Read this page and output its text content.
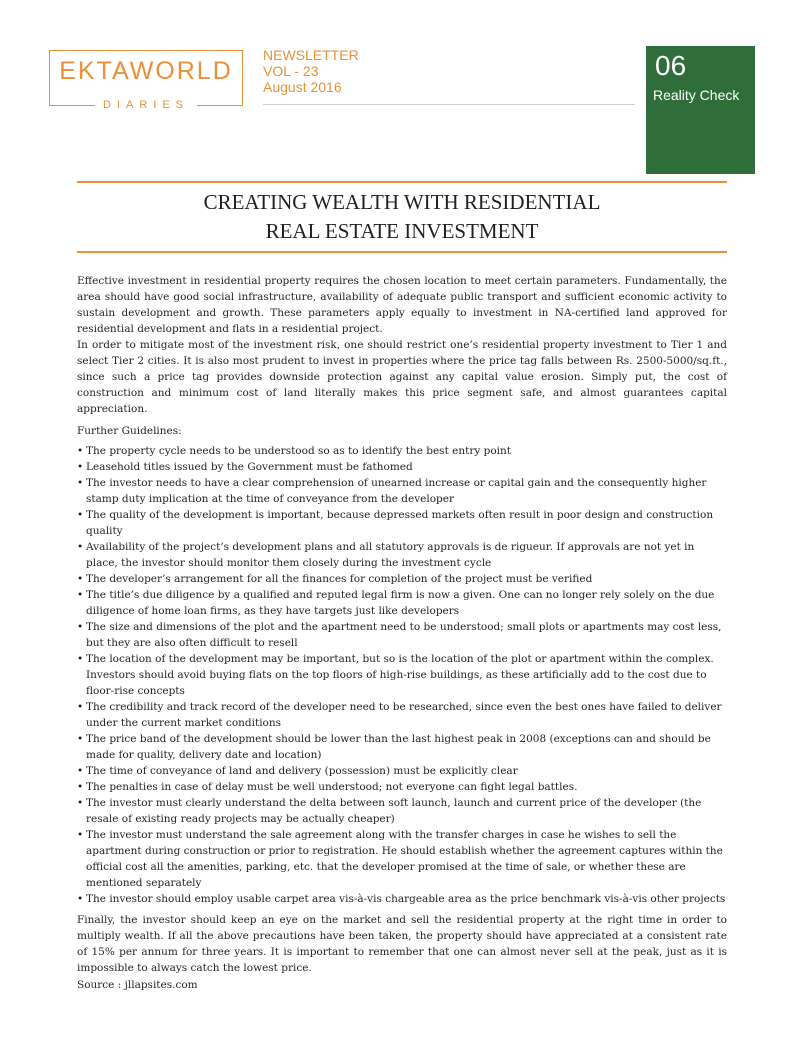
EKTAWORLD
DIARIES
NEWSLETTER
VOL - 23
August 2016
06
Reality Check
CREATING WEALTH WITH RESIDENTIAL
REAL ESTATE INVESTMENT

Effective investment in residential property requires the chosen location to meet certain parameters. Fundamentally, the area should have good social infrastructure, availability of adequate public transport and sufficient economic activity to sustain development and growth. These parameters apply equally to investment in NA-certified land approved for residential development and flats in a residential project.

In order to mitigate most of the investment risk, one should restrict one’s residential property investment to Tier 1 and select Tier 2 cities. It is also most prudent to invest in properties where the price tag falls between Rs. 2500-5000/sq.ft., since such a price tag provides downside protection against any capital value erosion. Simply put, the cost of construction and minimum cost of land literally makes this price segment safe, and almost guarantees capital appreciation.

Further Guidelines:
• The property cycle needs to be understood so as to identify the best entry point
• Leasehold titles issued by the Government must be fathomed
• The investor needs to have a clear comprehension of unearned increase or capital gain and the consequently higher stamp duty implication at the time of conveyance from the developer
• The quality of the development is important, because depressed markets often result in poor design and construction quality
• Availability of the project’s development plans and all statutory approvals is de rigueur. If approvals are not yet in place, the investor should monitor them closely during the investment cycle
• The developer’s arrangement for all the finances for completion of the project must be verified
• The title’s due diligence by a qualified and reputed legal firm is now a given. One can no longer rely solely on the due diligence of home loan firms, as they have targets just like developers
• The size and dimensions of the plot and the apartment need to be understood; small plots or apartments may cost less, but they are also often difficult to resell
• The location of the development may be important, but so is the location of the plot or apartment within the complex. Investors should avoid buying flats on the top floors of high-rise buildings, as these artificially add to the cost due to floor-rise concepts
• The credibility and track record of the developer need to be researched, since even the best ones have failed to deliver under the current market conditions
• The price band of the development should be lower than the last highest peak in 2008 (exceptions can and should be made for quality, delivery date and location)
• The time of conveyance of land and delivery (possession) must be explicitly clear
• The penalties in case of delay must be well understood; not everyone can fight legal battles.
• The investor must clearly understand the delta between soft launch, launch and current price of the developer (the resale of existing ready projects may be actually cheaper)
• The investor must understand the sale agreement along with the transfer charges in case he wishes to sell the apartment during construction or prior to registration. He should establish whether the agreement captures within the official cost all the amenities, parking, etc. that the developer promised at the time of sale, or whether these are mentioned separately
• The investor should employ usable carpet area vis-à-vis chargeable area as the price benchmark vis-à-vis other projects

Finally, the investor should keep an eye on the market and sell the residential property at the right time in order to multiply wealth. If all the above precautions have been taken, the property should have appreciated at a consistent rate of 15% per annum for three years. It is important to remember that one can almost never sell at the peak, just as it is impossible to always catch the lowest price.

Source : jllapsites.com
